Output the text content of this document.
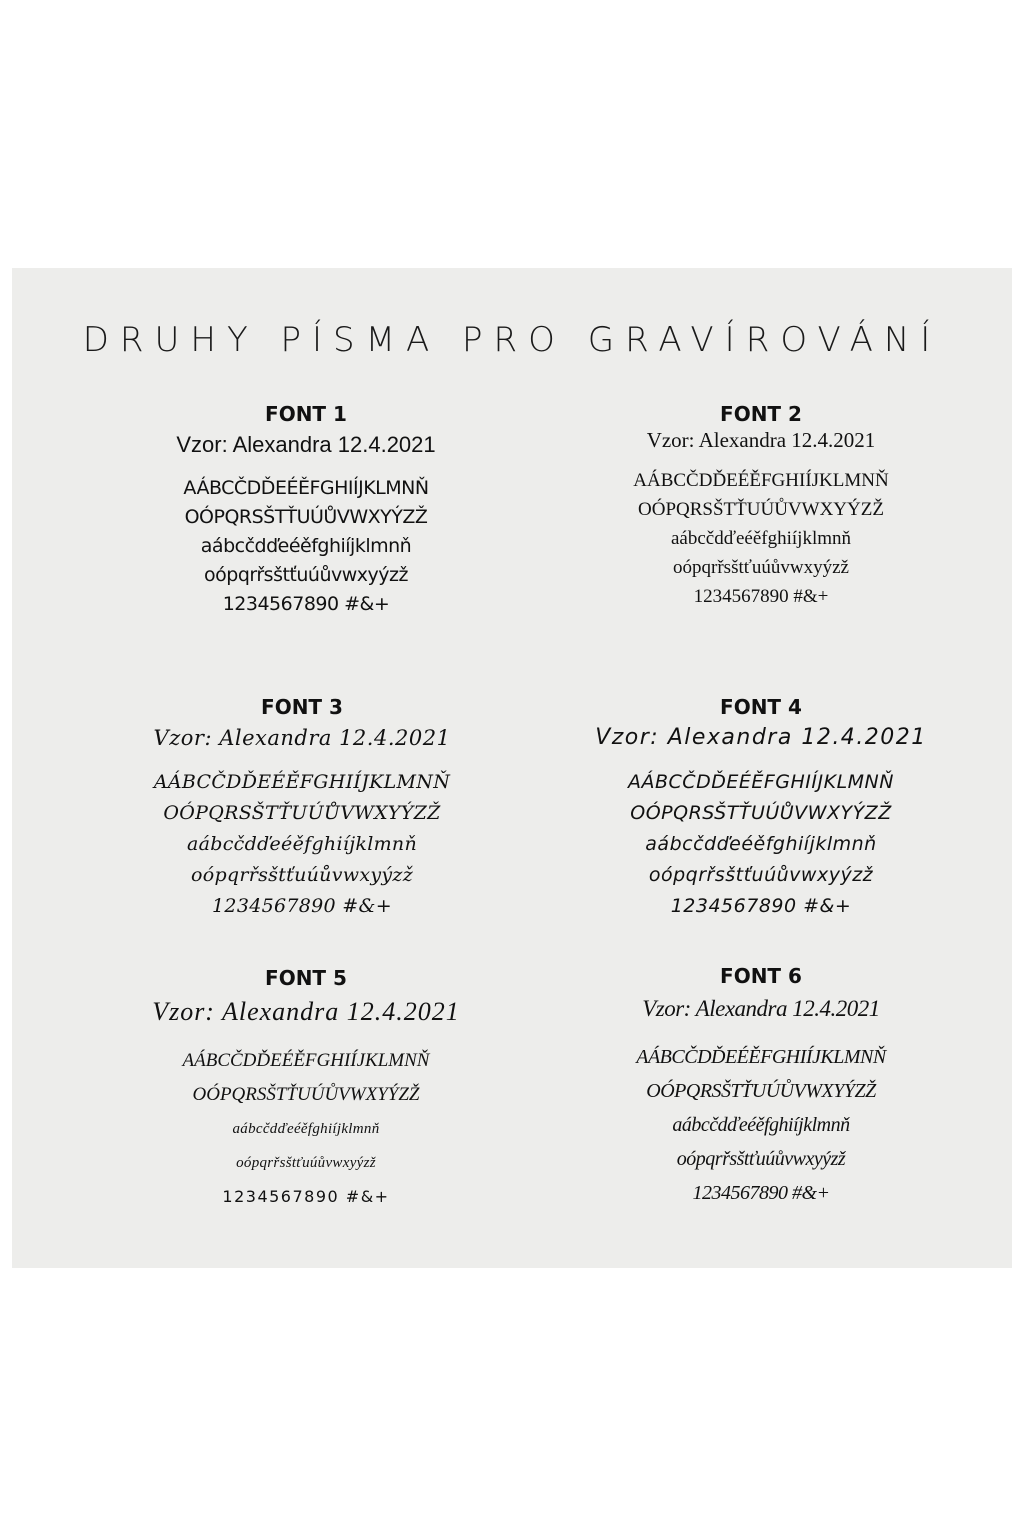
DRUHY PÍSMA PRO GRAVÍROVÁNÍ
FONT 1
Vzor: Alexandra 12.4.2021
AÁBCČDĎEÉĚFGHIÍJKLMNŇ
OÓPQRSŠTŤUÚŮVWXYÝZŽ
aábcčdďeéěfghiíjklmnň
oópqrřsštťuúůvwxyýzž
1234567890 #&+
FONT 2
Vzor: Alexandra 12.4.2021
AÁBCČDĎEÉĚFGHIÍJKLMNŇ
OÓPQRSŠTŤUÚŮVWXYÝZŽ
aábcčdďeéěfghiíjklmnň
oópqrřsštťuúůvwxyýzž
1234567890 #&+
FONT 3
Vzor: Alexandra 12.4.2021
AÁBCČDĎEÉĚFGHIÍJKLMNŇ
OÓPQRSŠTŤUÚŮVWXYÝZŽ
aábcčdďeéěfghiíjklmnň
oópqrřsštťuúůvwxyýzž
1234567890 #&+
FONT 4
Vzor: Alexandra 12.4.2021
AÁBCČDĎEÉĚFGHIÍJKLMNŇ
OÓPQRSŠTŤUÚŮVWXYÝZŽ
aábcčdďeéěfghiíjklmnň
oópqrřsštťuúůvwxyýzž
1234567890 #&+
FONT 5
Vzor: Alexandra 12.4.2021
AÁBCČDĎEÉĚFGHIÍJKLMNŇ
OÓPQRSŠTŤUÚŮVWXYÝZŽ
aábcčdďeéěfghiíjklmnň
oópqrřsštťuúůvwxyýzž
1234567890 #&+
FONT 6
Vzor: Alexandra 12.4.2021
AÁBCČDĎEÉĚFGHIÍJKLMNŇ
OÓPQRSŠTŤUÚŮVWXYÝZŽ
aábcčdďeéěfghiíjklmnň
oópqrřsštťuúůvwxyýzž
1234567890 #&+
